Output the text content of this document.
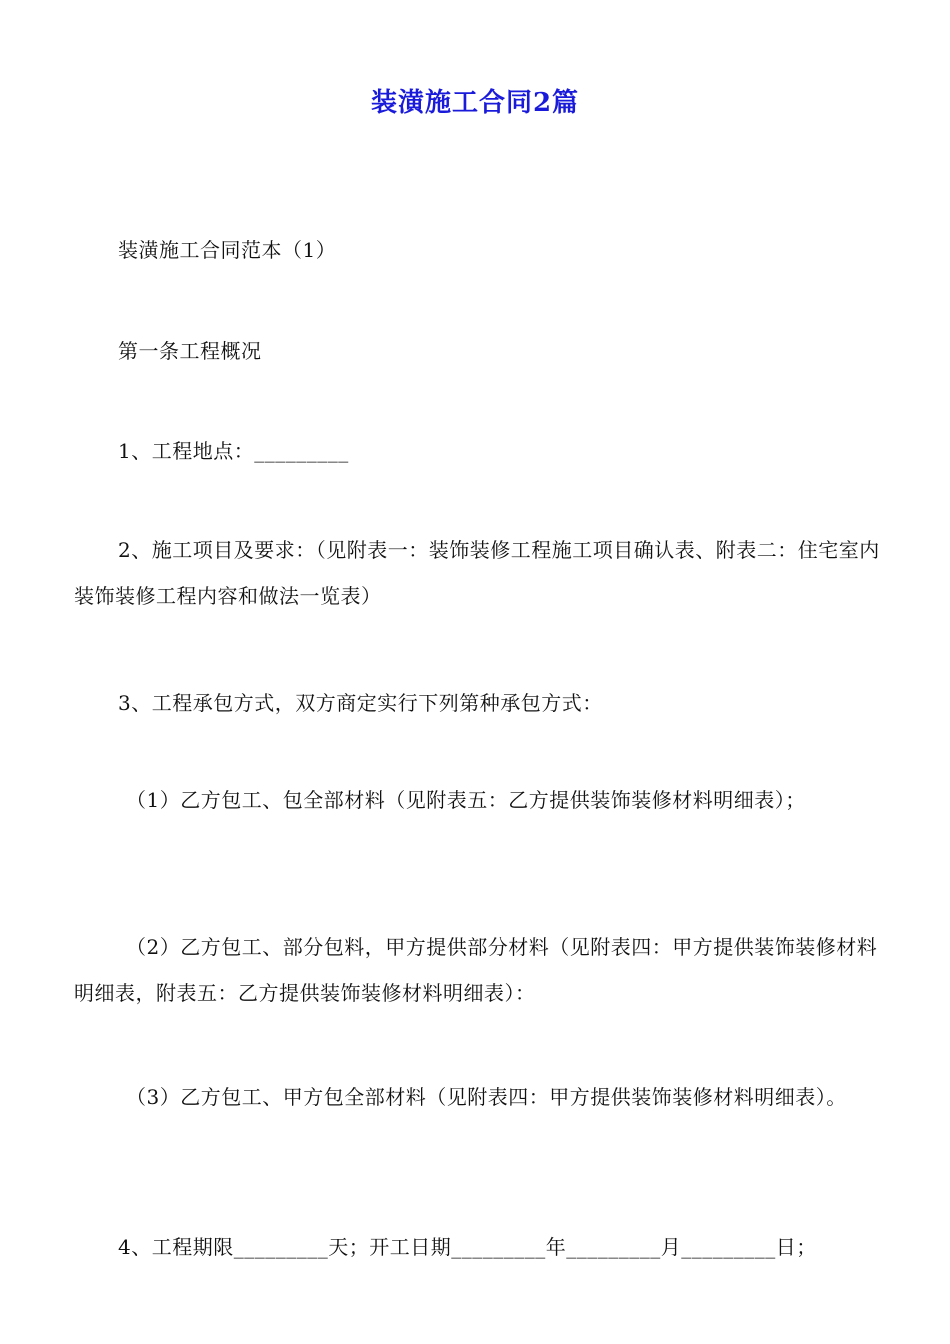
装潢施工合同2篇
装潢施工合同范本（1）
第一条工程概况
1、工程地点：_________
2、施工项目及要求：（见附表一：装饰装修工程施工项目确认表、附表二：住宅室内装饰装修工程内容和做法一览表）
3、工程承包方式，双方商定实行下列第种承包方式：
（1）乙方包工、包全部材料（见附表五：乙方提供装饰装修材料明细表）；
（2）乙方包工、部分包料，甲方提供部分材料（见附表四：甲方提供装饰装修材料明细表，附表五：乙方提供装饰装修材料明细表）：
（3）乙方包工、甲方包全部材料（见附表四：甲方提供装饰装修材料明细表）。
4、工程期限_________天；开工日期_________年_________月_________日；
